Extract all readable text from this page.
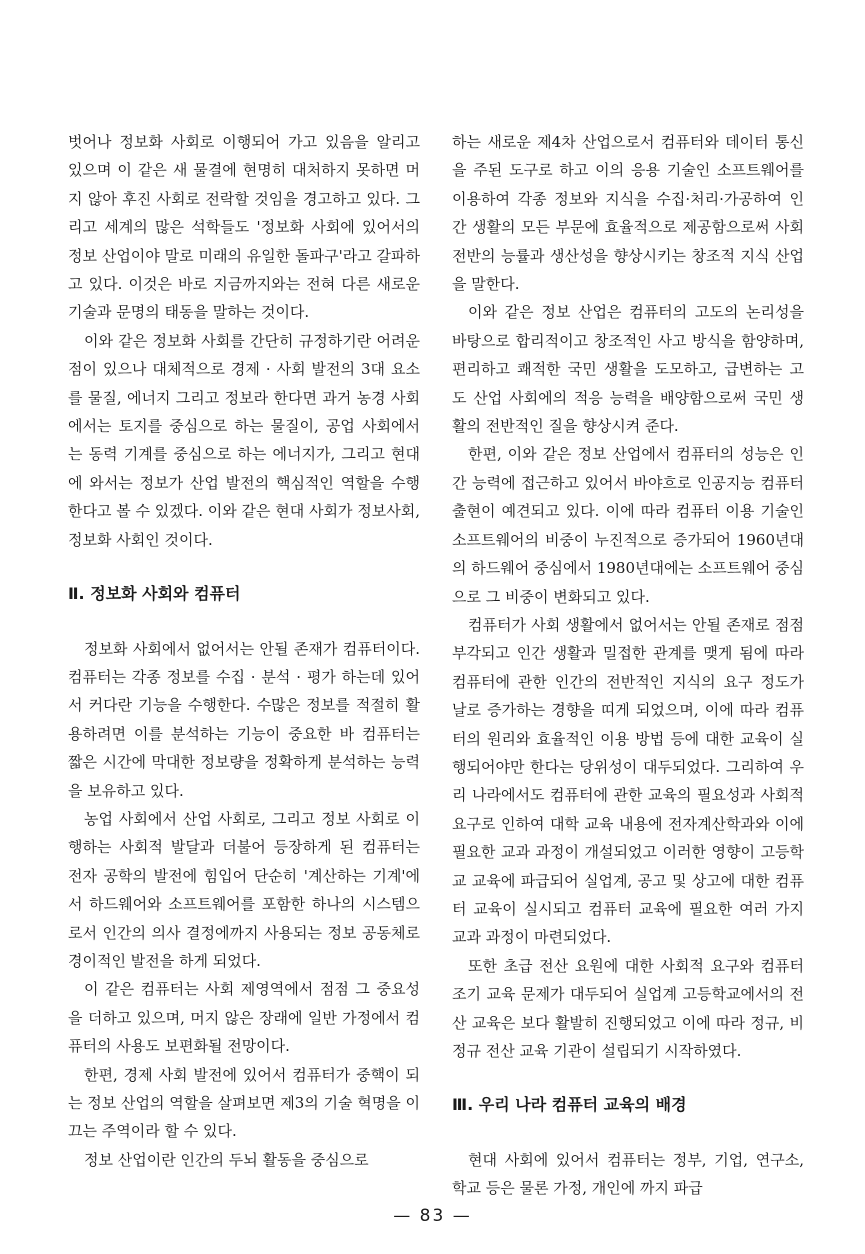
벗어나 정보화 사회로 이행되어 가고 있음을 알리고 있으며 이 같은 새 물결에 현명히 대처하지 못하면 머지 않아 후진 사회로 전락할 것임을 경고하고 있다. 그리고 세계의 많은 석학들도 '정보화 사회에 있어서의 정보 산업이야 말로 미래의 유일한 돌파구'라고 갈파하고 있다. 이것은 바로 지금까지와는 전혀 다른 새로운 기술과 문명의 태동을 말하는 것이다.

이와 같은 정보화 사회를 간단히 규정하기란 어려운 점이 있으나 대체적으로 경제 · 사회 발전의 3대 요소를 물질, 에너지 그리고 정보라 한다면 과거 농경 사회에서는 토지를 중심으로 하는 물질이, 공업 사회에서는 동력 기계를 중심으로 하는 에너지가, 그리고 현대에 와서는 정보가 산업 발전의 핵심적인 역할을 수행한다고 볼 수 있겠다. 이와 같은 현대 사회가 정보사회, 정보화 사회인 것이다.

Ⅱ. 정보화 사회와 컴퓨터

정보화 사회에서 없어서는 안될 존재가 컴퓨터이다. 컴퓨터는 각종 정보를 수집 · 분석 · 평가 하는데 있어서 커다란 기능을 수행한다. 수많은 정보를 적절히 활용하려면 이를 분석하는 기능이 중요한 바 컴퓨터는 짧은 시간에 막대한 정보량을 정확하게 분석하는 능력을 보유하고 있다.

농업 사회에서 산업 사회로, 그리고 정보 사회로 이행하는 사회적 발달과 더불어 등장하게 된 컴퓨터는 전자 공학의 발전에 힘입어 단순히 '계산하는 기계'에서 하드웨어와 소프트웨어를 포함한 하나의 시스템으로서 인간의 의사 결정에까지 사용되는 정보 공동체로 경이적인 발전을 하게 되었다.

이 같은 컴퓨터는 사회 제영역에서 점점 그 중요성을 더하고 있으며, 머지 않은 장래에 일반 가정에서 컴퓨터의 사용도 보편화될 전망이다.

한편, 경제 사회 발전에 있어서 컴퓨터가 중핵이 되는 정보 산업의 역할을 살펴보면 제3의 기술 혁명을 이끄는 주역이라 할 수 있다.

정보 산업이란 인간의 두뇌 활동을 중심으로

하는 새로운 제4차 산업으로서 컴퓨터와 데이터 통신을 주된 도구로 하고 이의 응용 기술인 소프트웨어를 이용하여 각종 정보와 지식을 수집·처리·가공하여 인간 생활의 모든 부문에 효율적으로 제공함으로써 사회 전반의 능률과 생산성을 향상시키는 창조적 지식 산업을 말한다.

이와 같은 정보 산업은 컴퓨터의 고도의 논리성을 바탕으로 합리적이고 창조적인 사고 방식을 함양하며, 편리하고 쾌적한 국민 생활을 도모하고, 급변하는 고도 산업 사회에의 적응 능력을 배양함으로써 국민 생활의 전반적인 질을 향상시켜 준다.

한편, 이와 같은 정보 산업에서 컴퓨터의 성능은 인간 능력에 접근하고 있어서 바야흐로 인공지능 컴퓨터 출현이 예견되고 있다. 이에 따라 컴퓨터 이용 기술인 소프트웨어의 비중이 누진적으로 증가되어 1960년대의 하드웨어 중심에서 1980년대에는 소프트웨어 중심으로 그 비중이 변화되고 있다.

컴퓨터가 사회 생활에서 없어서는 안될 존재로 점점 부각되고 인간 생활과 밀접한 관계를 맺게 됨에 따라 컴퓨터에 관한 인간의 전반적인 지식의 요구 정도가 날로 증가하는 경향을 띠게 되었으며, 이에 따라 컴퓨터의 원리와 효율적인 이용 방법 등에 대한 교육이 실행되어야만 한다는 당위성이 대두되었다. 그리하여 우리 나라에서도 컴퓨터에 관한 교육의 필요성과 사회적 요구로 인하여 대학 교육 내용에 전자계산학과와 이에 필요한 교과 과정이 개설되었고 이러한 영향이 고등학교 교육에 파급되어 실업계, 공고 및 상고에 대한 컴퓨터 교육이 실시되고 컴퓨터 교육에 필요한 여러 가지 교과 과정이 마련되었다.

또한 초급 전산 요원에 대한 사회적 요구와 컴퓨터 조기 교육 문제가 대두되어 실업계 고등학교에서의 전산 교육은 보다 활발히 진행되었고 이에 따라 정규, 비정규 전산 교육 기관이 설립되기 시작하였다.

Ⅲ. 우리 나라 컴퓨터 교육의 배경

현대 사회에 있어서 컴퓨터는 정부, 기업, 연구소, 학교 등은 물론 가정, 개인에 까지 파급

— 83 —
